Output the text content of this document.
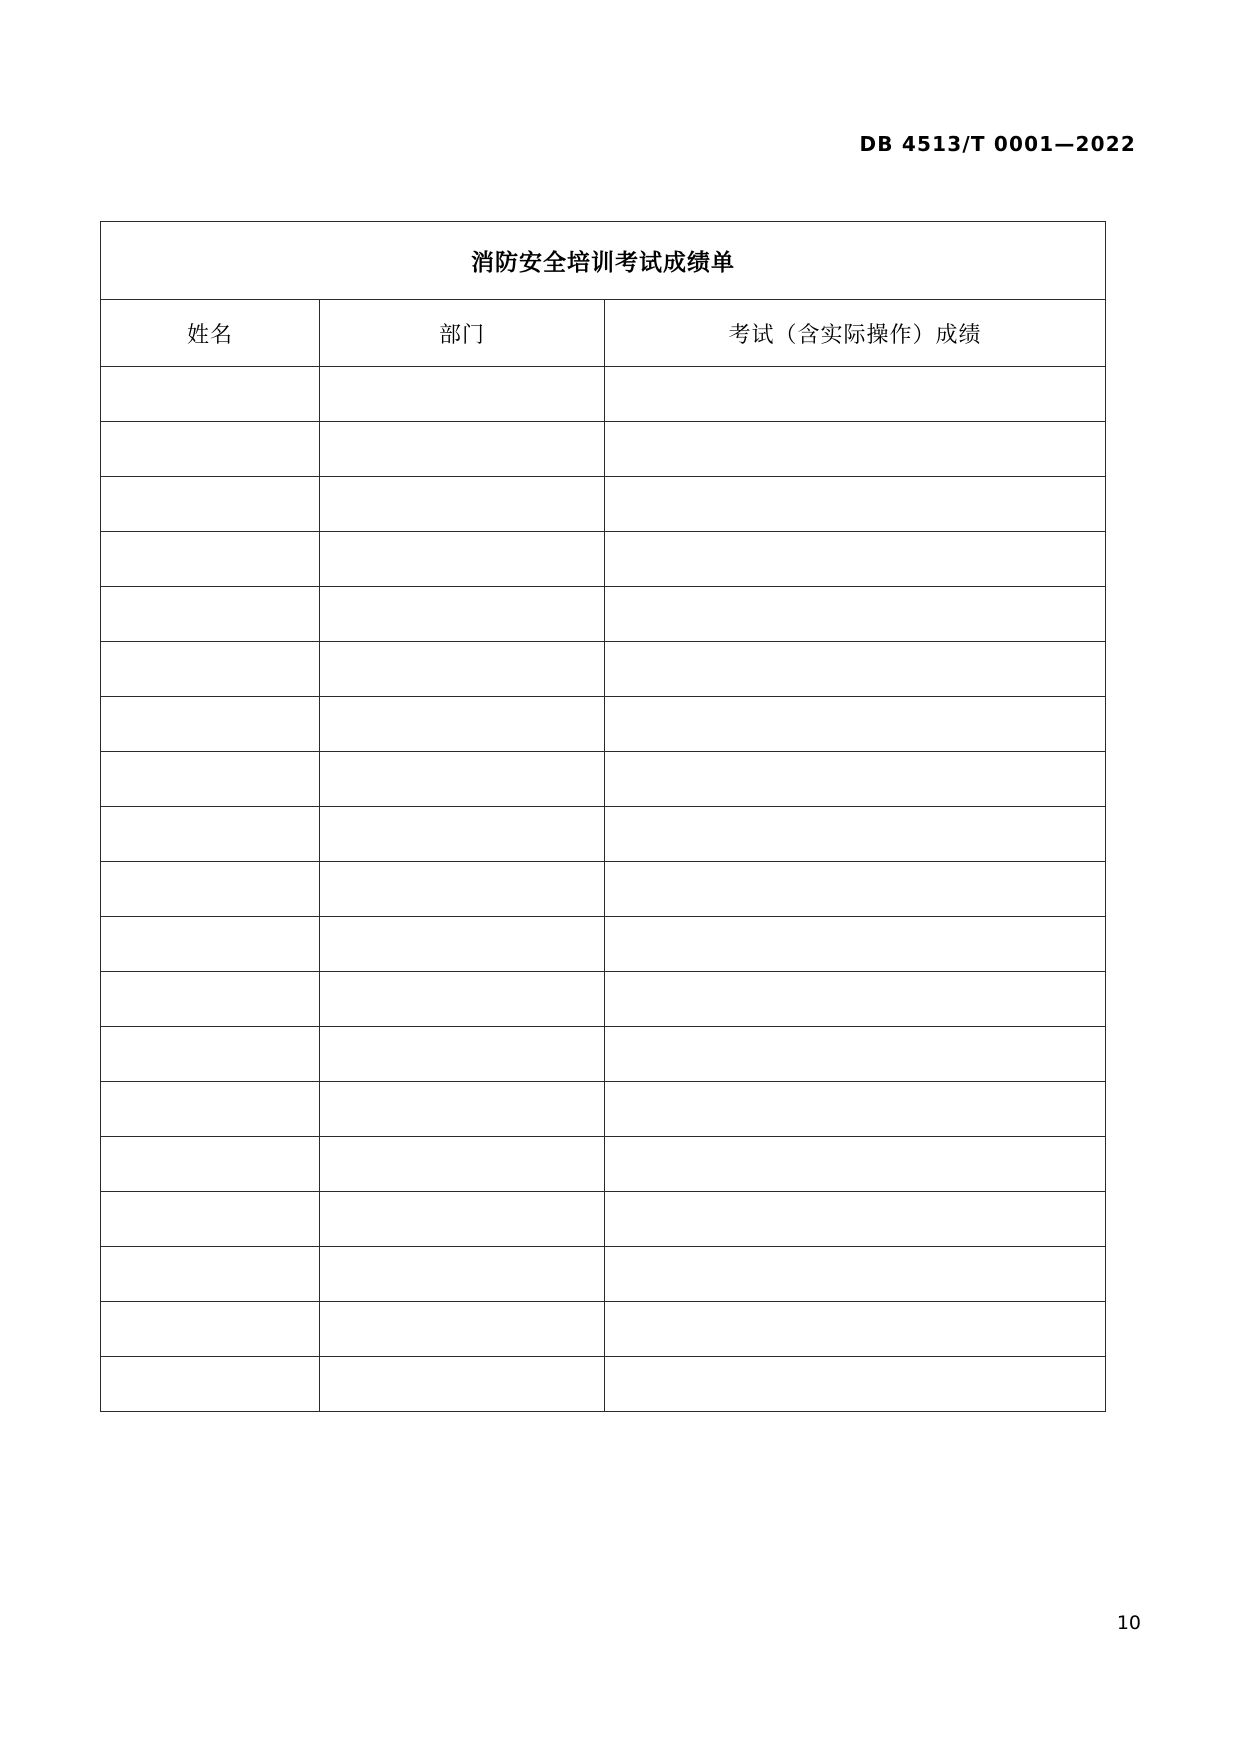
DB 4513/T 0001—2022
消防安全培训考试成绩单		
姓名	部门	考试（含实际操作）成绩

10
